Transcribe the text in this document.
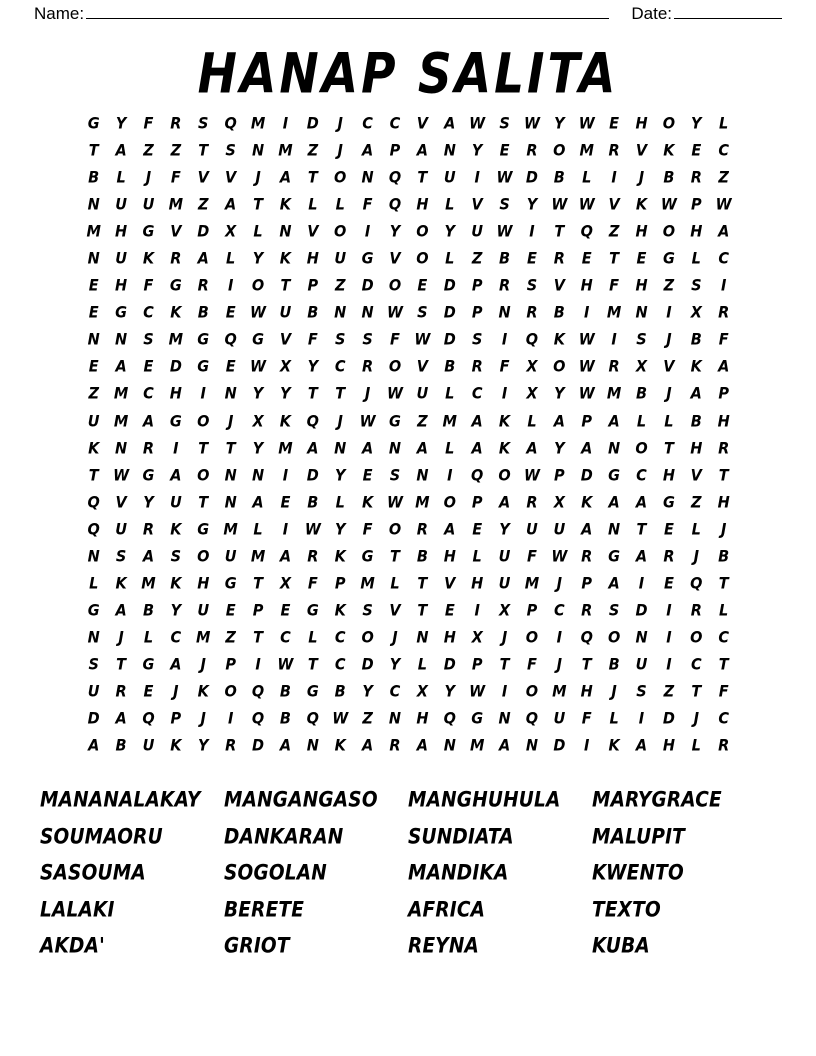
Name:	Date:
HANAP SALITA
G	Y	F	R	S	Q M	I	D	J	C	C	V	A W S W Y W E	H	O	Y	L
T	A	Z	Z	T	S	N M	Z	J	A	P	A	N	Y	E	R	O M	R	V	K	E	C
B	L	J	F	V	V	J	A	T	O	N	Q	T	U	I	W D	B	L	I	J	B	R	Z
N	U	U M	Z	A	T	K	L	L	F	Q	H	L	V	S	Y W W V	K W P W
M H	G	V	D	X	L	N	V	O	I	Y	O	Y	U W	I	T	Q	Z	H	O	H	A
N	U	K	R	A	L	Y	K	H	U	G	V	O	L	Z	B	E	R	E	T	E	G	L	C
E	H	F	G	R	I	O	T	P	Z	D	O	E	D	P	R	S	V	H	F	H	Z	S	I
E	G	C	K	B	E W U	B	N	N W S	D	P	N	R	B	I	M N	I	X	R
N	N	S	M G	Q	G	V	F	S	S	F W D	S	I	Q	K W	I	S	J	B	F
E	A	E	D	G	E W X	Y	C	R	O	V	B	R	F	X	O W R	X	V	K	A
Z	M	C	H	I	N	Y	Y	T	T	J	W U	L	C	I	X	Y W M	B	J	A	P
U M	A	G	O	J	X	K	Q	J	W G	Z	M	A	K	L	A	P	A	L	L	B	H
K	N	R	I	T	T	Y	M	A	N	A	N	A	L	A	K	A	Y	A	N	O	T	H	R
T W G	A	O	N	N	I	D	Y	E	S	N	I	Q	O W P	D	G	C	H	V	T
Q	V	Y	U	T	N	A	E	B	L	K W M O	P	A	R	X	K	A	A	G	Z	H
Q	U	R	K	G M	L	I	W Y	F	O	R	A	E	Y	U	U	A	N	T	E	L	J
N	S	A	S	O	U M	A	R	K	G	T	B	H	L	U	F W R	G	A	R	J	B
L	K	M	K	H	G	T	X	F	P	M	L	T	V	H	U M	J	P	A	I	E	Q	T
G	A	B	Y	U	E	P	E	G	K	S	V	T	E	I	X	P	C	R	S	D	I	R	L
N	J	L	C	M	Z	T	C	L	C	O	J	N	H	X	J	O	I	Q	O	N	I	O	C
S	T	G	A	J	P	I	W T	C	D	Y	L	D	P	T	F	J	T	B	U	I	C	T
U	R	E	J	K	O	Q	B	G	B	Y	C	X	Y W	I	O M H	J	S	Z	T	F
D	A	Q	P	J	I	Q	B	Q W Z	N	H	Q	G	N	Q	U	F	L	I	D	J	C
A	B	U	K	Y	R	D	A	N	K	A	R	A	N M	A	N	D	I	K	A	H	L	R
MANANALAKAY
SOUMAORU
SASOUMA
LALAKI
AKDA'
MANGANGASO
DANKARAN
SOGOLAN
BERETE
GRIOT
MANGHUHULA
SUNDIATA
MANDIKA
AFRICA
REYNA
MARYGRACE
MALUPIT
KWENTO
TEXTO
KUBA
